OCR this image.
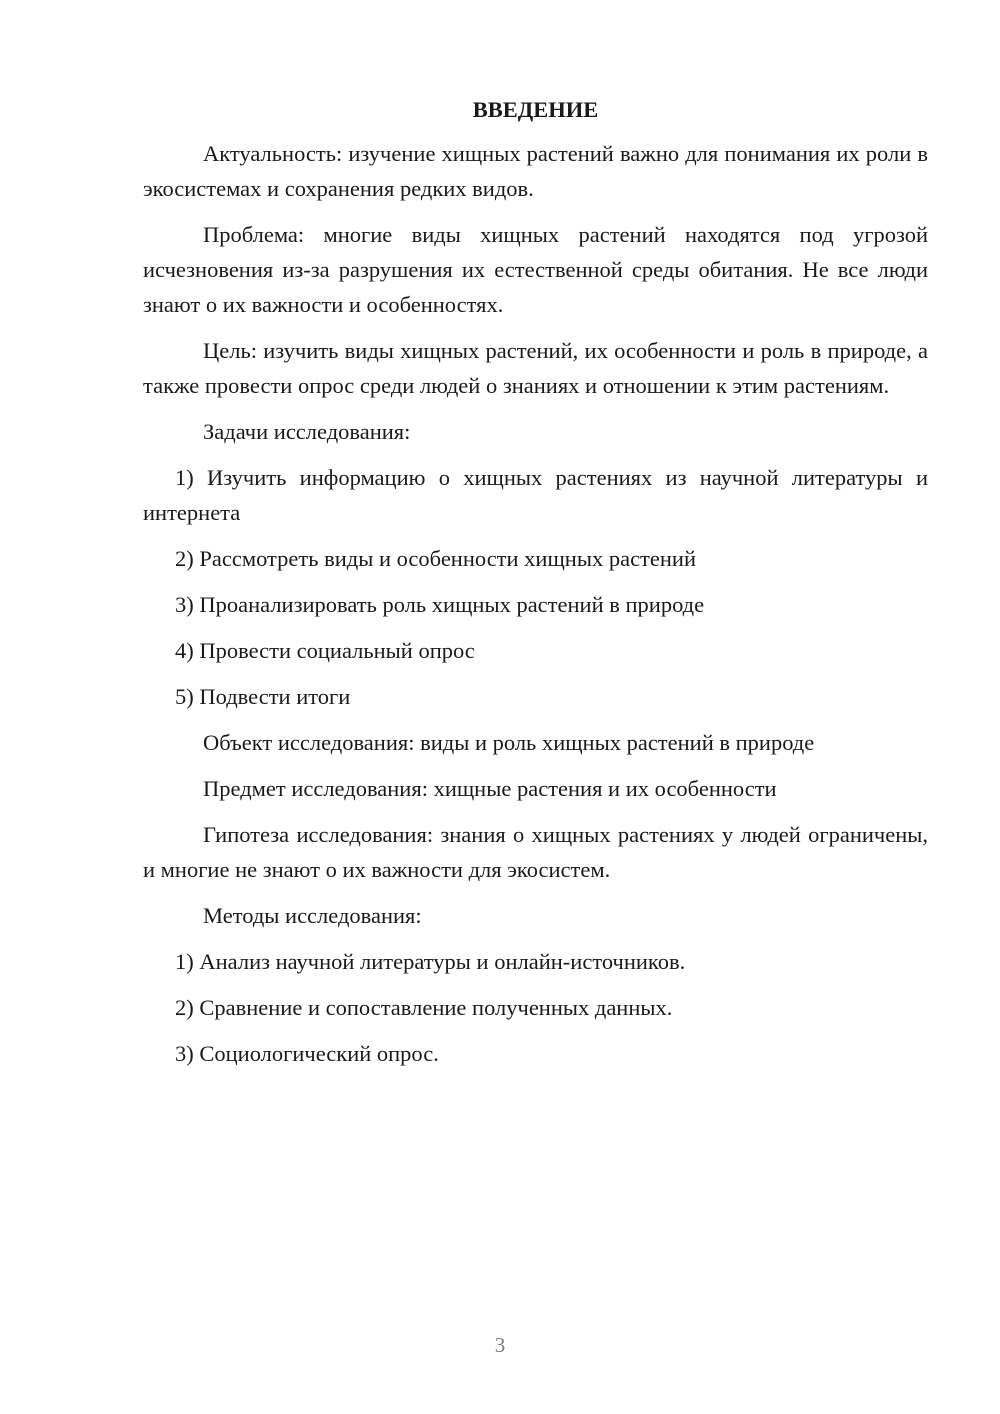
ВВЕДЕНИЕ

Актуальность: изучение хищных растений важно для понимания их роли в экосистемах и сохранения редких видов.

Проблема: многие виды хищных растений находятся под угрозой исчезновения из-за разрушения их естественной среды обитания. Не все люди знают о их важности и особенностях.

Цель: изучить виды хищных растений, их особенности и роль в природе, а также провести опрос среди людей о знаниях и отношении к этим растениям.

Задачи исследования:

1) Изучить информацию о хищных растениях из научной литературы и интернета

2) Рассмотреть виды и особенности хищных растений

3) Проанализировать роль хищных растений в природе

4) Провести социальный опрос

5) Подвести итоги

Объект исследования: виды и роль хищных растений в природе

Предмет исследования: хищные растения и их особенности

Гипотеза исследования: знания о хищных растениях у людей ограничены, и многие не знают о их важности для экосистем.

Методы исследования:

1) Анализ научной литературы и онлайн-источников.

2) Сравнение и сопоставление полученных данных.

3) Социологический опрос.

3
